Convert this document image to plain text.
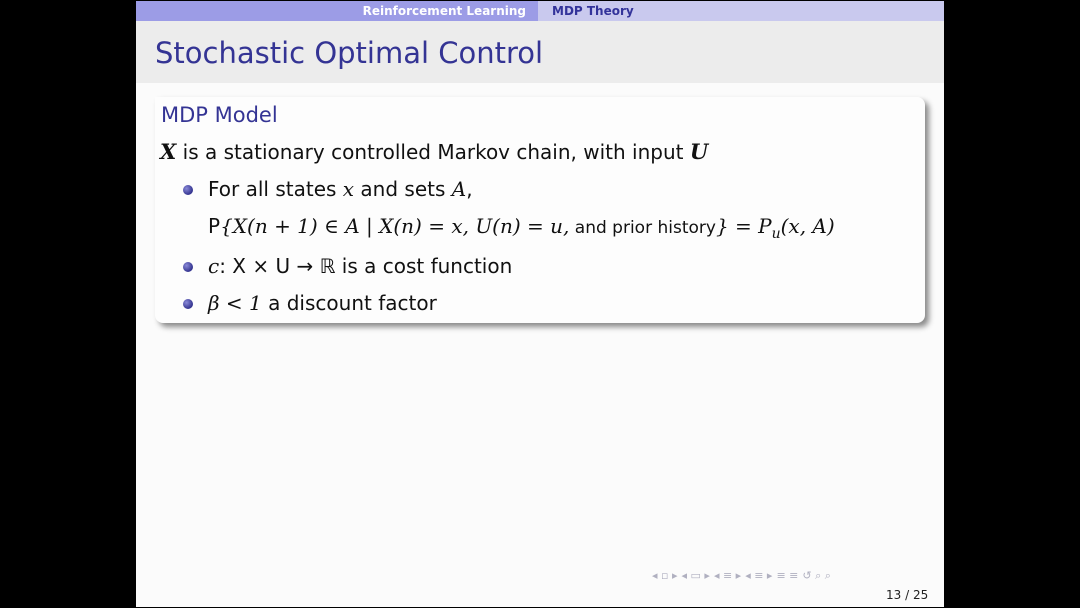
Reinforcement Learning MDP Theory
Stochastic Optimal Control
MDP Model
X is a stationary controlled Markov chain, with input U
For all states x and sets A,
P{X(n + 1) ∈ A | X(n) = x, U(n) = u, and prior history} = $P_u(x$, A)
c: X × U → ℝ is a cost function
β < 1 a discount factor
◂ ▫ ▸ ◂ ▭ ▸ ◂ ≡ ▸ ◂ ≡ ▸ ≡ ≡ ↺ ⌕ ⌕
13 / 25
